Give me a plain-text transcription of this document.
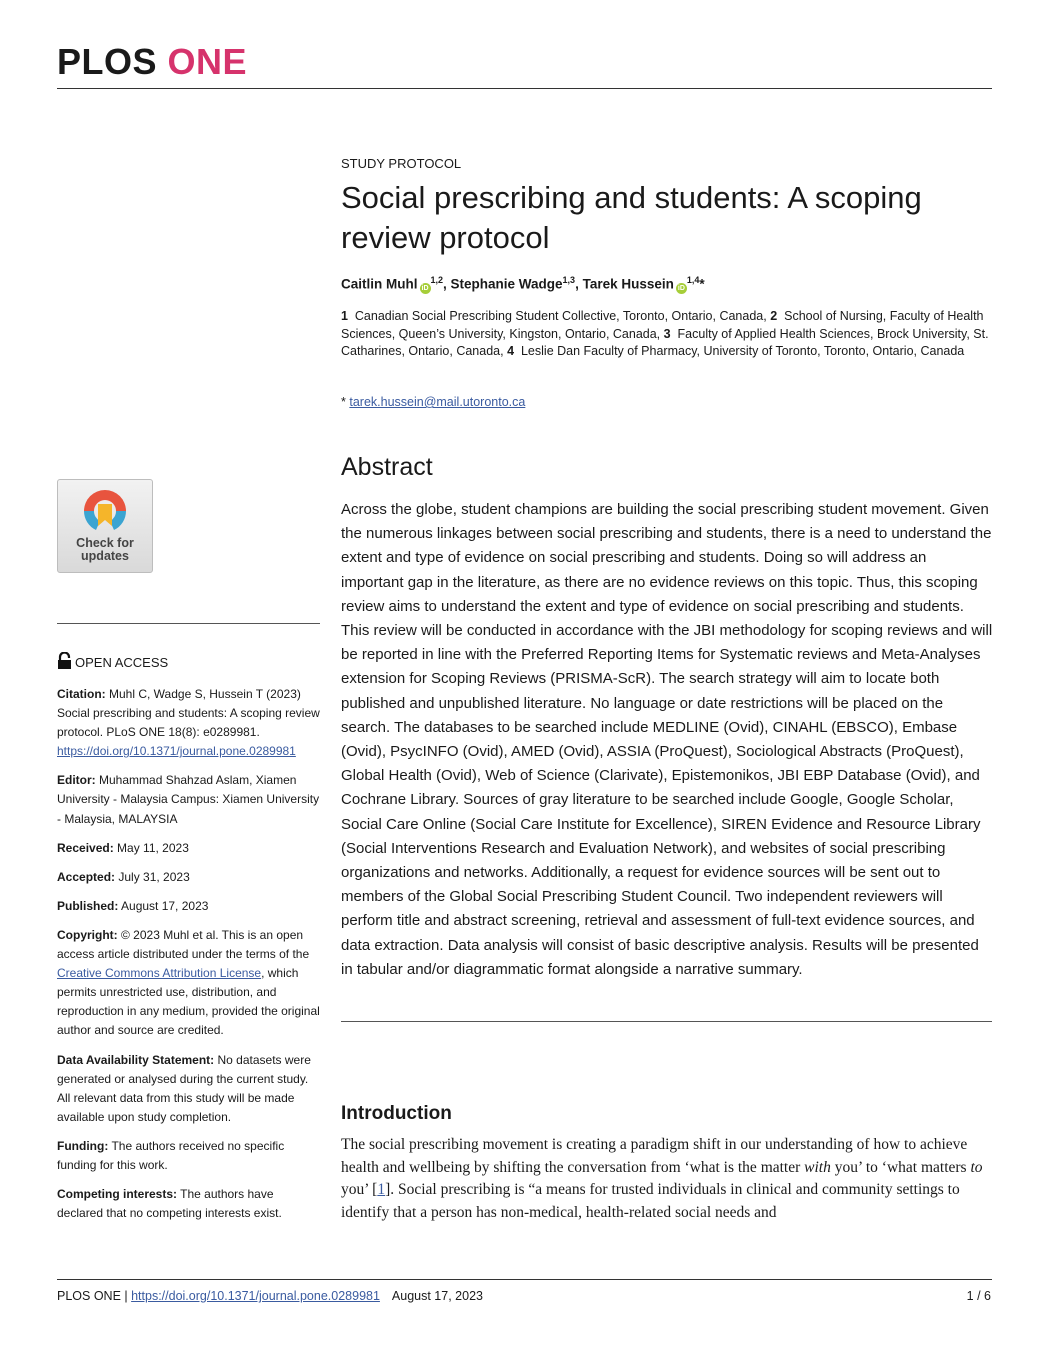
PLOS ONE
STUDY PROTOCOL
Social prescribing and students: A scoping review protocol
Caitlin Muhl iD$^{1,2}$, Stephanie Wadge$^{1,3}$, Tarek Hussein iD$^{1,4}$*
1 Canadian Social Prescribing Student Collective, Toronto, Ontario, Canada, 2 School of Nursing, Faculty of Health Sciences, Queen’s University, Kingston, Ontario, Canada, 3 Faculty of Applied Health Sciences, Brock University, St. Catharines, Ontario, Canada, 4 Leslie Dan Faculty of Pharmacy, University of Toronto, Toronto, Ontario, Canada
* tarek.hussein@mail.utoronto.ca
Abstract

Across the globe, student champions are building the social prescribing student movement. Given the numerous linkages between social prescribing and students, there is a need to understand the extent and type of evidence on social prescribing and students. Doing so will address an important gap in the literature, as there are no evidence reviews on this topic. Thus, this scoping review aims to understand the extent and type of evidence on social prescribing and students. This review will be conducted in accordance with the JBI methodology for scoping reviews and will be reported in line with the Preferred Reporting Items for Systematic reviews and Meta-Analyses extension for Scoping Reviews (PRISMA-ScR). The search strategy will aim to locate both published and unpublished literature. No language or date restrictions will be placed on the search. The databases to be searched include MEDLINE (Ovid), CINAHL (EBSCO), Embase (Ovid), PsycINFO (Ovid), AMED (Ovid), ASSIA (ProQuest), Sociological Abstracts (ProQuest), Global Health (Ovid), Web of Science (Clarivate), Epistemonikos, JBI EBP Database (Ovid), and Cochrane Library. Sources of gray literature to be searched include Google, Google Scholar, Social Care Online (Social Care Institute for Excellence), SIREN Evidence and Resource Library (Social Interventions Research and Evaluation Network), and websites of social prescribing organizations and networks. Additionally, a request for evidence sources will be sent out to members of the Global Social Prescribing Student Council. Two independent reviewers will perform title and abstract screening, retrieval and assessment of full-text evidence sources, and data extraction. Data analysis will consist of basic descriptive analysis. Results will be presented in tabular and/or diagrammatic format alongside a narrative summary.

Introduction

The social prescribing movement is creating a paradigm shift in our understanding of how to achieve health and wellbeing by shifting the conversation from ‘what is the matter with you’ to ‘what matters to you’ [1]. Social prescribing is “a means for trusted individuals in clinical and community settings to identify that a person has non-medical, health-related social needs and

Check for
updates
OPEN ACCESS
Citation: Muhl C, Wadge S, Hussein T (2023) Social prescribing and students: A scoping review protocol. PLoS ONE 18(8): e0289981. https://doi.org/10.1371/journal.pone.0289981
Editor: Muhammad Shahzad Aslam, Xiamen University - Malaysia Campus: Xiamen University - Malaysia, MALAYSIA
Received: May 11, 2023
Accepted: July 31, 2023
Published: August 17, 2023
Copyright: © 2023 Muhl et al. This is an open access article distributed under the terms of the Creative Commons Attribution License, which permits unrestricted use, distribution, and reproduction in any medium, provided the original author and source are credited.
Data Availability Statement: No datasets were generated or analysed during the current study. All relevant data from this study will be made available upon study completion.
Funding: The authors received no specific funding for this work.
Competing interests: The authors have declared that no competing interests exist.
PLOS ONE | https://doi.org/10.1371/journal.pone.0289981 August 17, 2023	1 / 6
